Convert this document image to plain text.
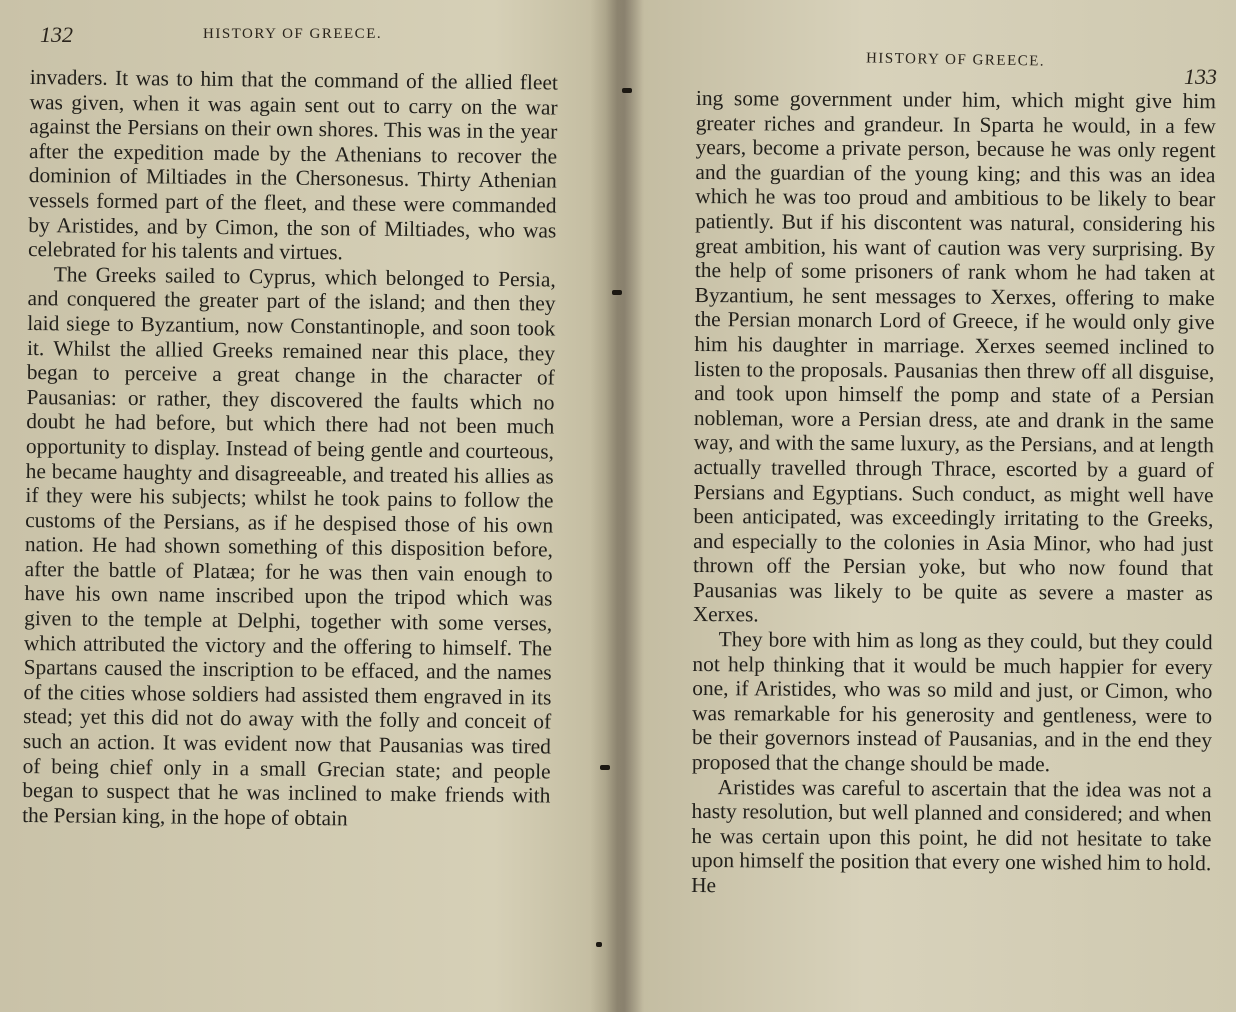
132	HISTORY OF GREECE.

invaders. It was to him that the command of the allied fleet was given, when it was again sent out to carry on the war against the Persians on their own shores. This was in the year after the expedition made by the Athenians to recover the dominion of Miltiades in the Chersonesus. Thirty Athenian vessels formed part of the fleet, and these were commanded by Aristides, and by Cimon, the son of Miltiades, who was celebrated for his talents and virtues.

The Greeks sailed to Cyprus, which belonged to Persia, and conquered the greater part of the island; and then they laid siege to Byzantium, now Constantinople, and soon took it. Whilst the allied Greeks remained near this place, they began to perceive a great change in the character of Pausanias: or rather, they discovered the faults which no doubt he had before, but which there had not been much opportunity to display. Instead of being gentle and courteous, he became haughty and disagreeable, and treated his allies as if they were his subjects; whilst he took pains to follow the customs of the Persians, as if he despised those of his own nation. He had shown something of this disposition before, after the battle of Platæa; for he was then vain enough to have his own name inscribed upon the tripod which was given to the temple at Delphi, together with some verses, which attributed the victory and the offering to himself. The Spartans caused the inscription to be effaced, and the names of the cities whose soldiers had assisted them engraved in its stead; yet this did not do away with the folly and conceit of such an action. It was evident now that Pausanias was tired of being chief only in a small Grecian state; and people began to suspect that he was inclined to make friends with the Persian king, in the hope of obtain

HISTORY OF GREECE.
133

ing some government under him, which might give him greater riches and grandeur. In Sparta he would, in a few years, become a private person, because he was only regent and the guardian of the young king; and this was an idea which he was too proud and ambitious to be likely to bear patiently. But if his discontent was natural, considering his great ambition, his want of caution was very surprising. By the help of some prisoners of rank whom he had taken at Byzantium, he sent messages to Xerxes, offering to make the Persian monarch Lord of Greece, if he would only give him his daughter in marriage. Xerxes seemed inclined to listen to the proposals. Pausanias then threw off all disguise, and took upon himself the pomp and state of a Persian nobleman, wore a Persian dress, ate and drank in the same way, and with the same luxury, as the Persians, and at length actually travelled through Thrace, escorted by a guard of Persians and Egyptians. Such conduct, as might well have been anticipated, was exceedingly irritating to the Greeks, and especially to the colonies in Asia Minor, who had just thrown off the Persian yoke, but who now found that Pausanias was likely to be quite as severe a master as Xerxes.

They bore with him as long as they could, but they could not help thinking that it would be much happier for every one, if Aristides, who was so mild and just, or Cimon, who was remarkable for his generosity and gentleness, were to be their governors instead of Pausanias, and in the end they proposed that the change should be made.

Aristides was careful to ascertain that the idea was not a hasty resolution, but well planned and considered; and when he was certain upon this point, he did not hesitate to take upon himself the position that every one wished him to hold. He
